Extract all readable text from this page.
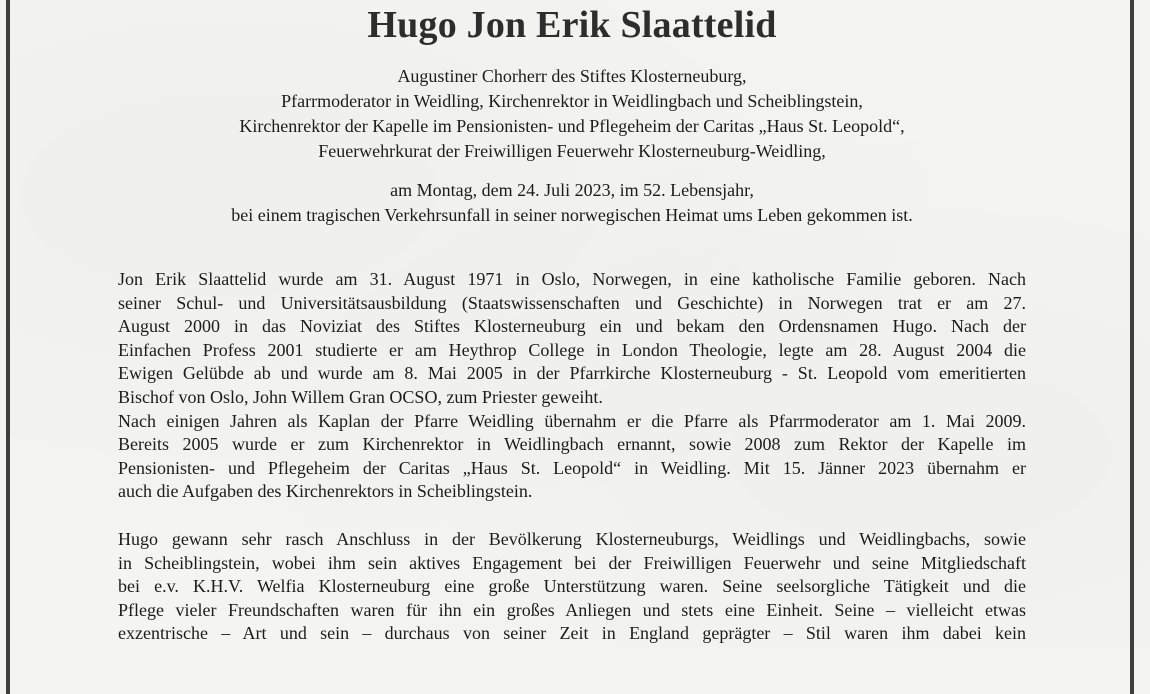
Hugo Jon Erik Slaattelid
Augustiner Chorherr des Stiftes Klosterneuburg,
Pfarrmoderator in Weidling, Kirchenrektor in Weidlingbach und Scheiblingstein,
Kirchenrektor der Kapelle im Pensionisten- und Pflegeheim der Caritas „Haus St. Leopold“,
Feuerwehrkurat der Freiwilligen Feuerwehr Klosterneuburg-Weidling,
am Montag, dem 24. Juli 2023, im 52. Lebensjahr,
bei einem tragischen Verkehrsunfall in seiner norwegischen Heimat ums Leben gekommen ist.

Jon Erik Slaattelid wurde am 31. August 1971 in Oslo, Norwegen, in eine katholische Familie geboren. Nach
seiner Schul- und Universitätsausbildung (Staatswissenschaften und Geschichte) in Norwegen trat er am 27.
August 2000 in das Noviziat des Stiftes Klosterneuburg ein und bekam den Ordensnamen Hugo. Nach der
Einfachen Profess 2001 studierte er am Heythrop College in London Theologie, legte am 28. August 2004 die
Ewigen Gelübde ab und wurde am 8. Mai 2005 in der Pfarrkirche Klosterneuburg - St. Leopold vom emeritierten
Bischof von Oslo, John Willem Gran OCSO, zum Priester geweiht.

Nach einigen Jahren als Kaplan der Pfarre Weidling übernahm er die Pfarre als Pfarrmoderator am 1. Mai 2009.
Bereits 2005 wurde er zum Kirchenrektor in Weidlingbach ernannt, sowie 2008 zum Rektor der Kapelle im
Pensionisten- und Pflegeheim der Caritas „Haus St. Leopold“ in Weidling. Mit 15. Jänner 2023 übernahm er
auch die Aufgaben des Kirchenrektors in Scheiblingstein.

Hugo gewann sehr rasch Anschluss in der Bevölkerung Klosterneuburgs, Weidlings und Weidlingbachs, sowie
in Scheiblingstein, wobei ihm sein aktives Engagement bei der Freiwilligen Feuerwehr und seine Mitgliedschaft
bei e.v. K.H.V. Welfia Klosterneuburg eine große Unterstützung waren. Seine seelsorgliche Tätigkeit und die
Pflege vieler Freundschaften waren für ihn ein großes Anliegen und stets eine Einheit. Seine – vielleicht etwas
exzentrische – Art und sein – durchaus von seiner Zeit in England geprägter – Stil waren ihm dabei kein
